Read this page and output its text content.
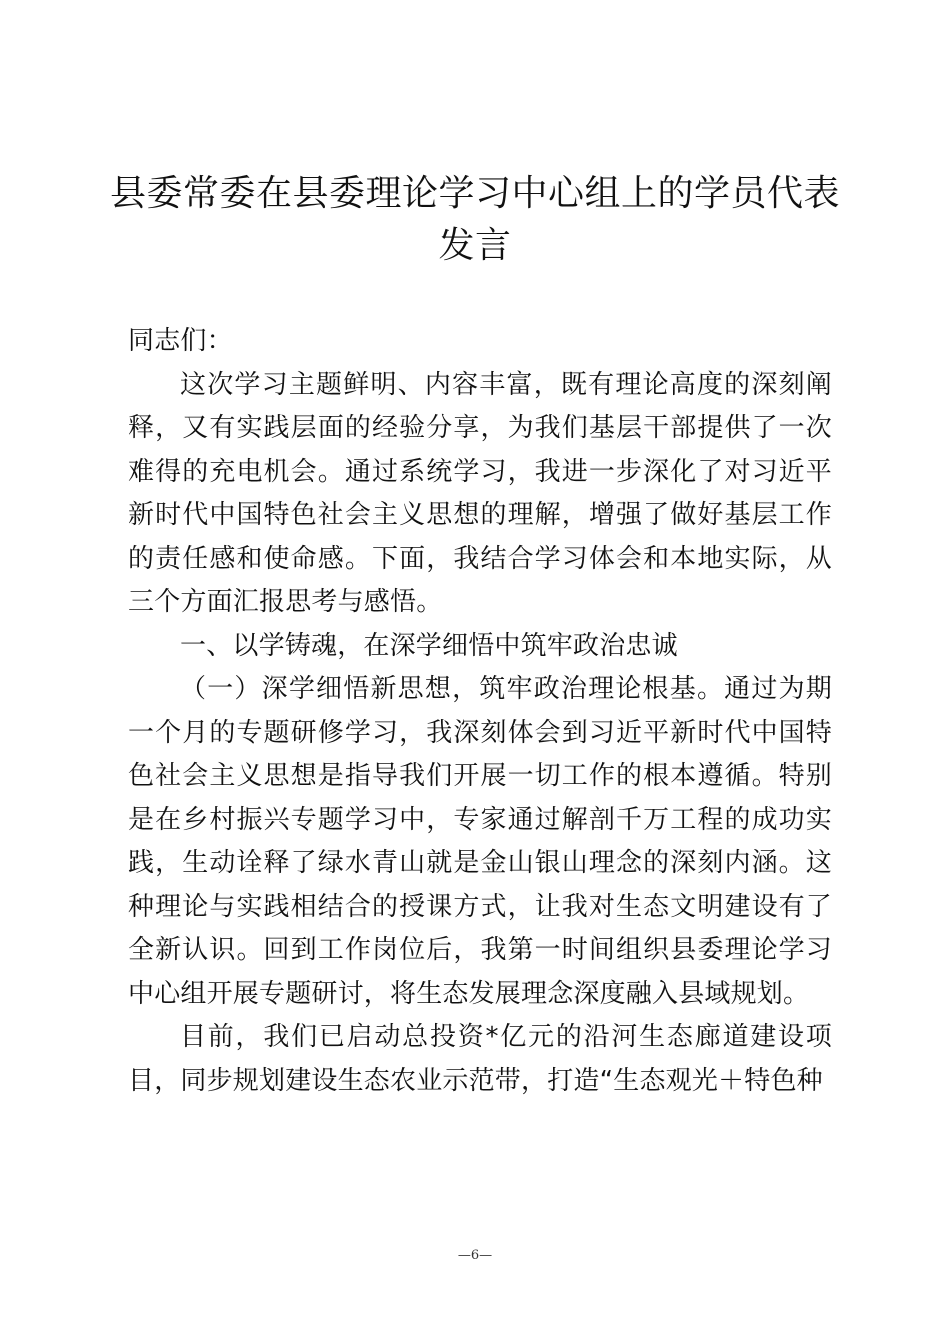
县委常委在县委理论学习中心组上的学员代表发言

同志们：

这次学习主题鲜明、内容丰富，既有理论高度的深刻阐释，又有实践层面的经验分享，为我们基层干部提供了一次难得的充电机会。通过系统学习，我进一步深化了对习近平新时代中国特色社会主义思想的理解，增强了做好基层工作的责任感和使命感。下面，我结合学习体会和本地实际，从三个方面汇报思考与感悟。

一、以学铸魂，在深学细悟中筑牢政治忠诚

（一）深学细悟新思想，筑牢政治理论根基。通过为期一个月的专题研修学习，我深刻体会到习近平新时代中国特色社会主义思想是指导我们开展一切工作的根本遵循。特别是在乡村振兴专题学习中，专家通过解剖千万工程的成功实践，生动诠释了绿水青山就是金山银山理念的深刻内涵。这种理论与实践相结合的授课方式，让我对生态文明建设有了全新认识。回到工作岗位后，我第一时间组织县委理论学习中心组开展专题研讨，将生态发展理念深度融入县域规划。

目前，我们已启动总投资*亿元的沿河生态廊道建设项目，同步规划建设生态农业示范带，打造“生态观光＋特色种

—6—
